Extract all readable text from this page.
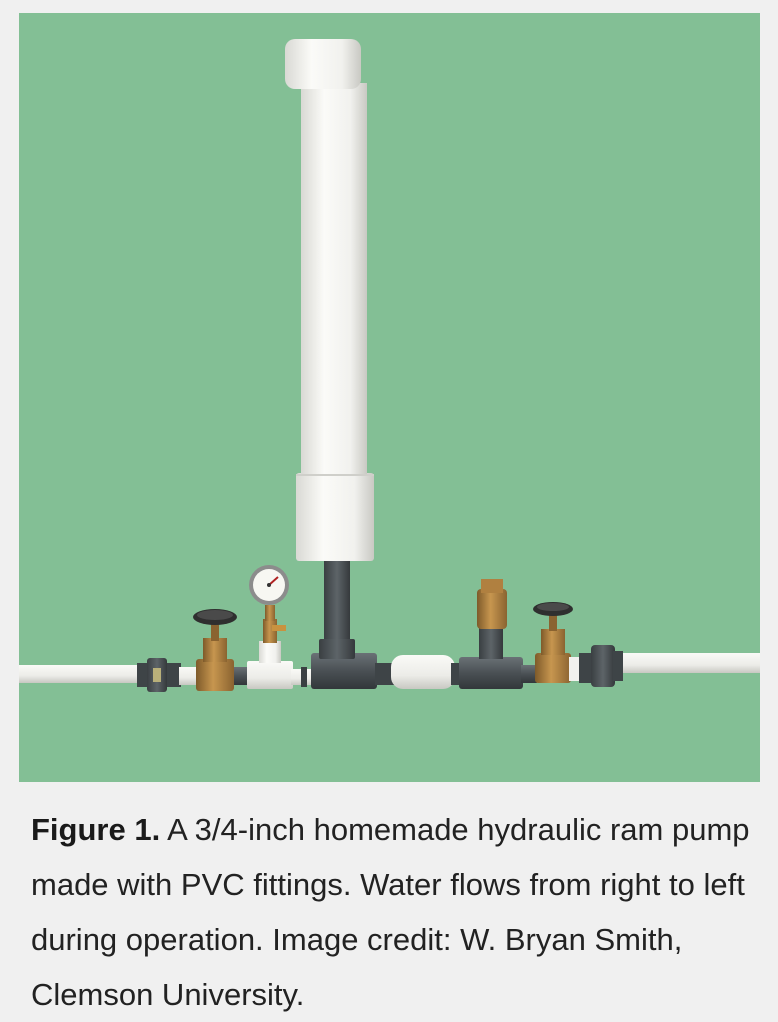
Figure 1. A 3/4-inch homemade hydraulic ram pump made with PVC fittings. Water flows from right to left during operation. Image credit: W. Bryan Smith, Clemson University.
